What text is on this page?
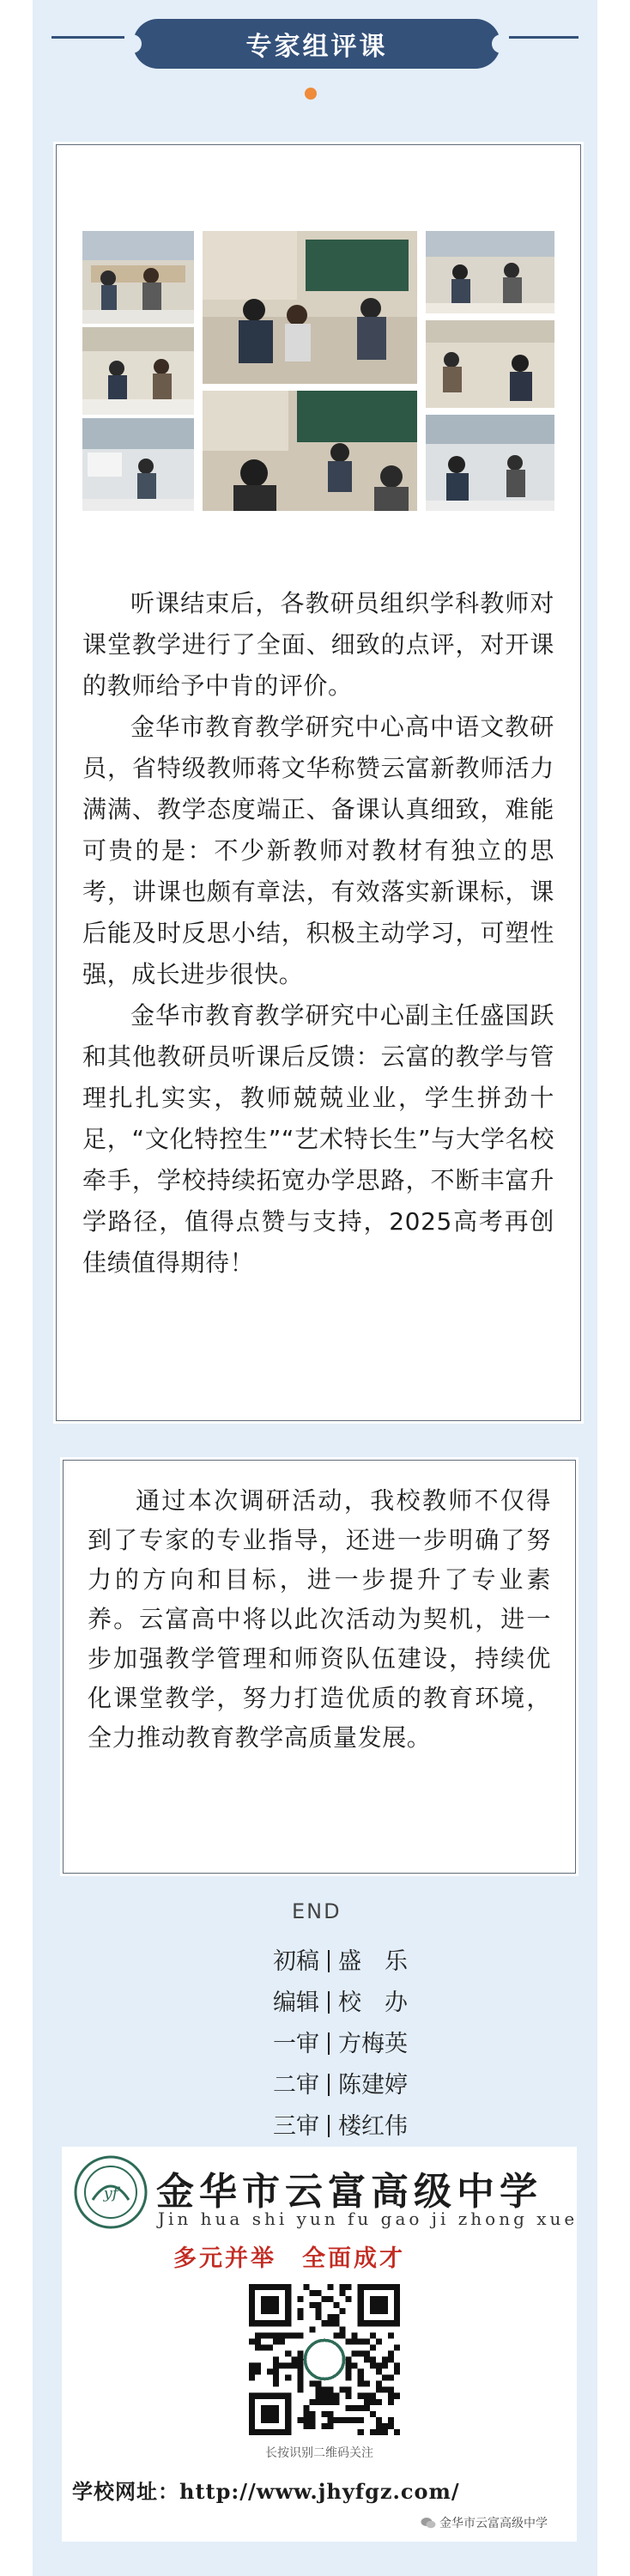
专家组评课

听课结束后，各教研员组织学科教师对课堂教学进行了全面、细致的点评，对开课的教师给予中肯的评价。

金华市教育教学研究中心高中语文教研员，省特级教师蒋文华称赞云富新教师活力满满、教学态度端正、备课认真细致，难能可贵的是：不少新教师对教材有独立的思考，讲课也颇有章法，有效落实新课标，课后能及时反思小结，积极主动学习，可塑性强，成长进步很快。

金华市教育教学研究中心副主任盛国跃和其他教研员听课后反馈：云富的教学与管理扎扎实实，教师兢兢业业，学生拼劲十足，“文化特控生”“艺术特长生”与大学名校牵手，学校持续拓宽办学思路，不断丰富升学路径，值得点赞与支持，2025高考再创佳绩值得期待！

通过本次调研活动，我校教师不仅得到了专家的专业指导，还进一步明确了努力的方向和目标，进一步提升了专业素养。云富高中将以此次活动为契机，进一步加强教学管理和师资队伍建设，持续优化课堂教学，努力打造优质的教育环境，全力推动教育教学高质量发展。

END
初稿 盛　乐
编辑 校　办
一审 方梅英
二审 陈建婷
三审 楼红伟
yf 金华市云富高级中学
Jin hua shi yun fu gao ji zhong xue
多元并举　全面成才
长按识别二维码关注
学校网址：http://www.jhyfgz.com/
金华市云富高级中学
